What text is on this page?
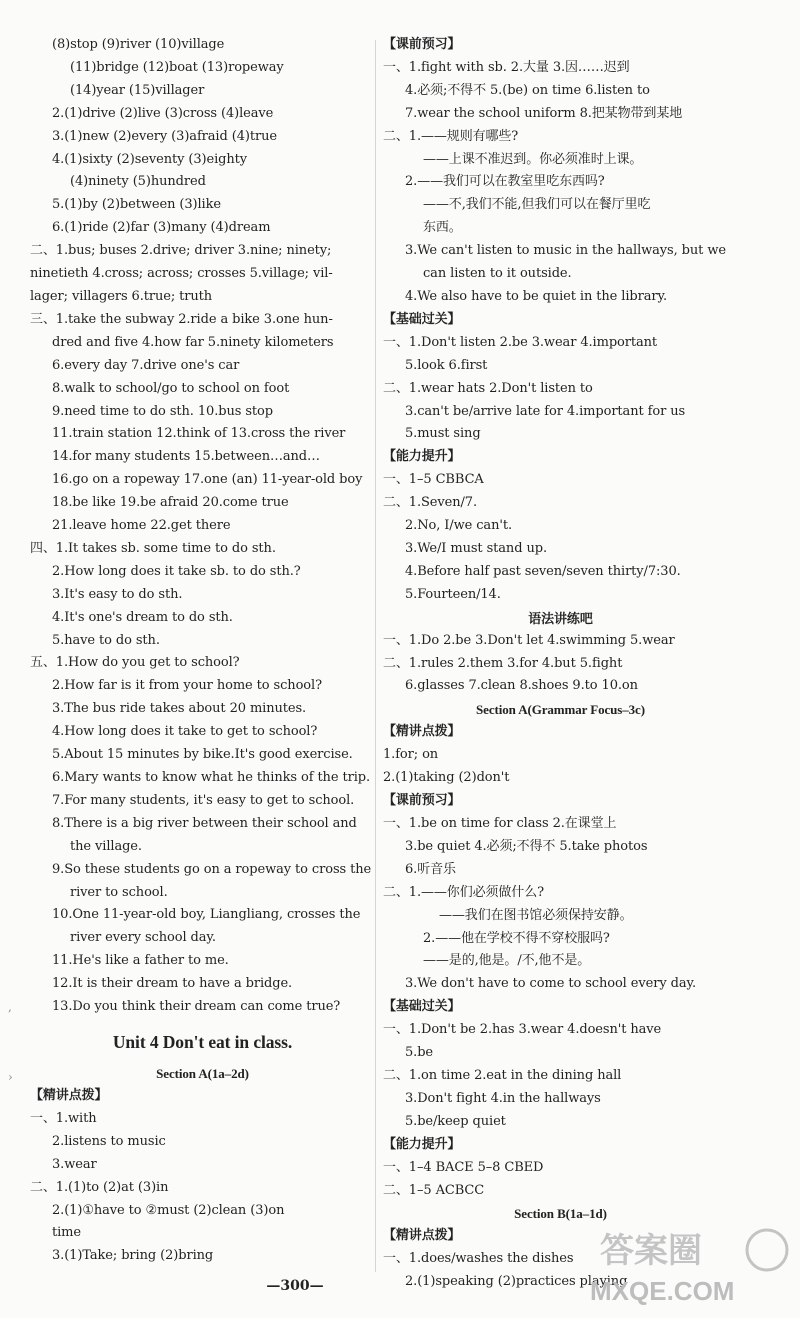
(8)stop (9)river (10)village
(11)bridge (12)boat (13)ropeway
(14)year (15)villager
2.(1)drive (2)live (3)cross (4)leave
3.(1)new (2)every (3)afraid (4)true
4.(1)sixty (2)seventy (3)eighty
(4)ninety (5)hundred
5.(1)by (2)between (3)like
6.(1)ride (2)far (3)many (4)dream
二、1.bus; buses 2.drive; driver 3.nine; ninety;
ninetieth 4.cross; across; crosses 5.village; vil-
lager; villagers 6.true; truth
三、1.take the subway 2.ride a bike 3.one hun-
dred and five 4.how far 5.ninety kilometers
6.every day 7.drive one's car
8.walk to school/go to school on foot
9.need time to do sth. 10.bus stop
11.train station 12.think of 13.cross the river
14.for many students 15.between…and…
16.go on a ropeway 17.one (an) 11-year-old boy
18.be like 19.be afraid 20.come true
21.leave home 22.get there
四、1.It takes sb. some time to do sth.
2.How long does it take sb. to do sth.?
3.It's easy to do sth.
4.It's one's dream to do sth.
5.have to do sth.
五、1.How do you get to school?
2.How far is it from your home to school?
3.The bus ride takes about 20 minutes.
4.How long does it take to get to school?
5.About 15 minutes by bike.It's good exercise.
6.Mary wants to know what he thinks of the trip.
7.For many students, it's easy to get to school.
8.There is a big river between their school and
the village.
9.So these students go on a ropeway to cross the
river to school.
10.One 11-year-old boy, Liangliang, crosses the
river every school day.
11.He's like a father to me.
12.It is their dream to have a bridge.
13.Do you think their dream can come true?
Unit 4 Don't eat in class.
Section A(1a–2d)
【精讲点拨】
一、1.with
2.listens to music
3.wear
二、1.(1)to (2)at (3)in
2.(1)①have to ②must (2)clean (3)on
time
3.(1)Take; bring (2)bring
【课前预习】
一、1.fight with sb. 2.大量 3.因……迟到
4.必须;不得不 5.(be) on time 6.listen to
7.wear the school uniform 8.把某物带到某地
二、1.——规则有哪些?
——上课不准迟到。你必须准时上课。
2.——我们可以在教室里吃东西吗?
——不,我们不能,但我们可以在餐厅里吃
东西。
3.We can't listen to music in the hallways, but we
can listen to it outside.
4.We also have to be quiet in the library.
【基础过关】
一、1.Don't listen 2.be 3.wear 4.important
5.look 6.first
二、1.wear hats 2.Don't listen to
3.can't be/arrive late for 4.important for us
5.must sing
【能力提升】
一、1–5 CBBCA
二、1.Seven/7.
2.No, I/we can't.
3.We/I must stand up.
4.Before half past seven/seven thirty/7:30.
5.Fourteen/14.
语法讲练吧
一、1.Do 2.be 3.Don't let 4.swimming 5.wear
二、1.rules 2.them 3.for 4.but 5.fight
6.glasses 7.clean 8.shoes 9.to 10.on
Section A(Grammar Focus–3c)
【精讲点拨】
1.for; on
2.(1)taking (2)don't
【课前预习】
一、1.be on time for class 2.在课堂上
3.be quiet 4.必须;不得不 5.take photos
6.听音乐
二、1.——你们必须做什么?
——我们在图书馆必须保持安静。
2.——他在学校不得不穿校服吗?
——是的,他是。/不,他不是。
3.We don't have to come to school every day.
【基础过关】
一、1.Don't be 2.has 3.wear 4.doesn't have
5.be
二、1.on time 2.eat in the dining hall
3.Don't fight 4.in the hallways
5.be/keep quiet
【能力提升】
一、1–4 BACE 5–8 CBED
二、1–5 ACBCC
Section B(1a–1d)
【精讲点拨】
一、1.does/washes the dishes
2.(1)speaking (2)practices playing
,
›
—300—
答案圈
MXQE.COM
